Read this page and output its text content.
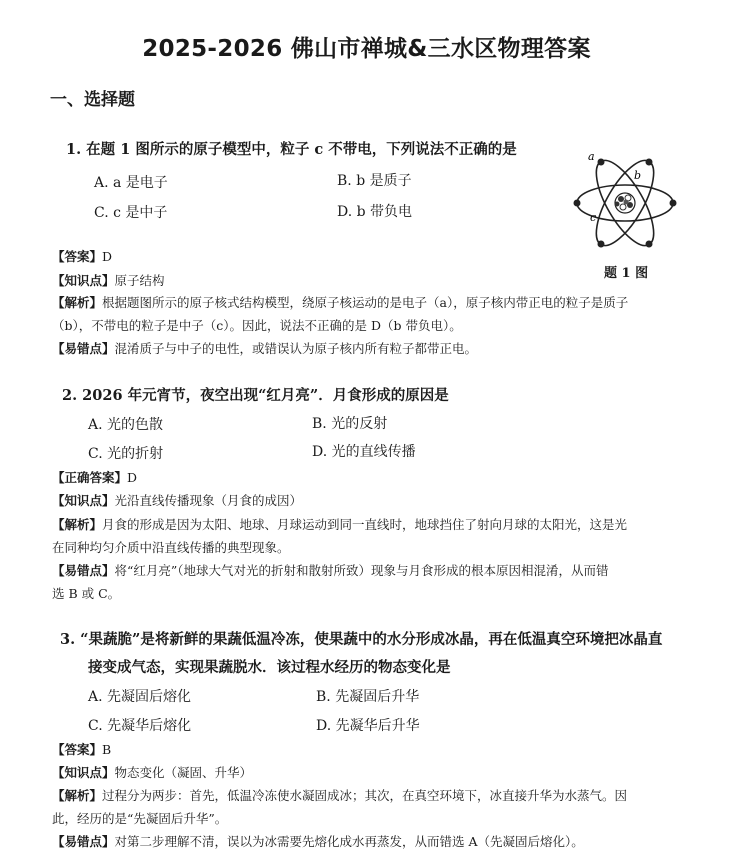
2025-2026 佛山市禅城&三水区物理答案
一、选择题
1. 在题 1 图所示的原子模型中，粒子 c 不带电，下列说法不正确的是
A. a 是电子	B. b 是质子
C. c 是中子	D. b 带负电
a
b
c
题 1 图
【答案】D
【知识点】原子结构
【解析】根据题图所示的原子核式结构模型，绕原子核运动的是电子（a），原子核内带正电的粒子是质子
（b），不带电的粒子是中子（c）。因此，说法不正确的是 D（b 带负电）。
【易错点】混淆质子与中子的电性，或错误认为原子核内所有粒子都带正电。
2. 2026 年元宵节，夜空出现“红月亮”．月食形成的原因是
A. 光的色散	B. 光的反射
C. 光的折射	D. 光的直线传播
【正确答案】D
【知识点】光沿直线传播现象（月食的成因）
【解析】月食的形成是因为太阳、地球、月球运动到同一直线时，地球挡住了射向月球的太阳光，这是光
在同种均匀介质中沿直线传播的典型现象。
【易错点】将“红月亮”（地球大气对光的折射和散射所致）现象与月食形成的根本原因相混淆，从而错
选 B 或 C。
3. “果蔬脆”是将新鲜的果蔬低温冷冻，使果蔬中的水分形成冰晶，再在低温真空环境把冰晶直
接变成气态，实现果蔬脱水．该过程水经历的物态变化是
A. 先凝固后熔化	B. 先凝固后升华
C. 先凝华后熔化	D. 先凝华后升华
【答案】B
【知识点】物态变化（凝固、升华）
【解析】过程分为两步：首先，低温冷冻使水凝固成冰；其次，在真空环境下，冰直接升华为水蒸气。因
此，经历的是“先凝固后升华”。
【易错点】对第二步理解不清，误以为冰需要先熔化成水再蒸发，从而错选 A（先凝固后熔化）。
